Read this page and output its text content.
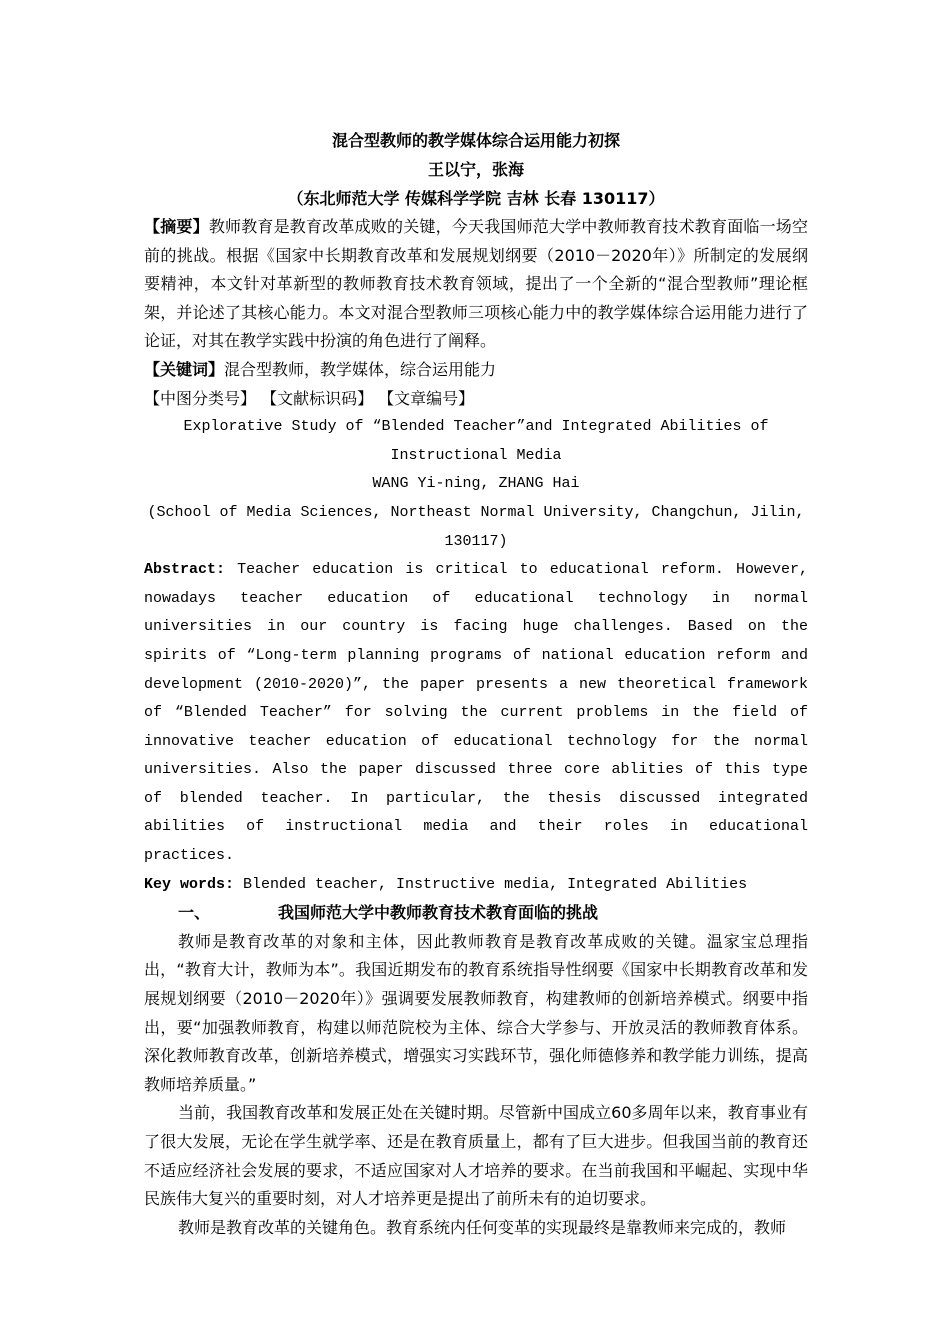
混合型教师的教学媒体综合运用能力初探

王以宁，张海

（东北师范大学 传媒科学学院 吉林 长春 130117）

【摘要】教师教育是教育改革成败的关键，今天我国师范大学中教师教育技术教育面临一场空前的挑战。根据《国家中长期教育改革和发展规划纲要（2010－2020年）》所制定的发展纲要精神，本文针对革新型的教师教育技术教育领域，提出了一个全新的“混合型教师”理论框架，并论述了其核心能力。本文对混合型教师三项核心能力中的教学媒体综合运用能力进行了论证，对其在教学实践中扮演的角色进行了阐释。

【关键词】混合型教师，教学媒体，综合运用能力

【中图分类号】 【文献标识码】 【文章编号】

Explorative Study of “Blended Teacher”and Integrated Abilities of Instructional Media

WANG Yi-ning, ZHANG Hai

(School of Media Sciences, Northeast Normal University, Changchun, Jilin, 130117)

Abstract: Teacher education is critical to educational reform. However, nowadays teacher education of educational technology in normal universities in our country is facing huge challenges. Based on the spirits of “Long-term planning programs of national education reform and development (2010-2020)”, the paper presents a new theoretical framework of “Blended Teacher” for solving the current problems in the field of innovative teacher education of educational technology for the normal universities. Also the paper discussed three core ablities of this type of blended teacher. In particular, the thesis discussed integrated abilities of instructional media and their roles in educational practices.

Key words: Blended teacher, Instructive media, Integrated Abilities

一、	我国师范大学中教师教育技术教育面临的挑战

教师是教育改革的对象和主体，因此教师教育是教育改革成败的关键。温家宝总理指出，“教育大计，教师为本”。我国近期发布的教育系统指导性纲要《国家中长期教育改革和发展规划纲要（2010－2020年）》强调要发展教师教育，构建教师的创新培养模式。纲要中指出，要“加强教师教育，构建以师范院校为主体、综合大学参与、开放灵活的教师教育体系。深化教师教育改革，创新培养模式，增强实习实践环节，强化师德修养和教学能力训练，提高教师培养质量。”

当前，我国教育改革和发展正处在关键时期。尽管新中国成立60多周年以来，教育事业有了很大发展，无论在学生就学率、还是在教育质量上，都有了巨大进步。但我国当前的教育还不适应经济社会发展的要求，不适应国家对人才培养的要求。在当前我国和平崛起、实现中华民族伟大复兴的重要时刻，对人才培养更是提出了前所未有的迫切要求。

教师是教育改革的关键角色。教育系统内任何变革的实现最终是靠教师来完成的，教师
